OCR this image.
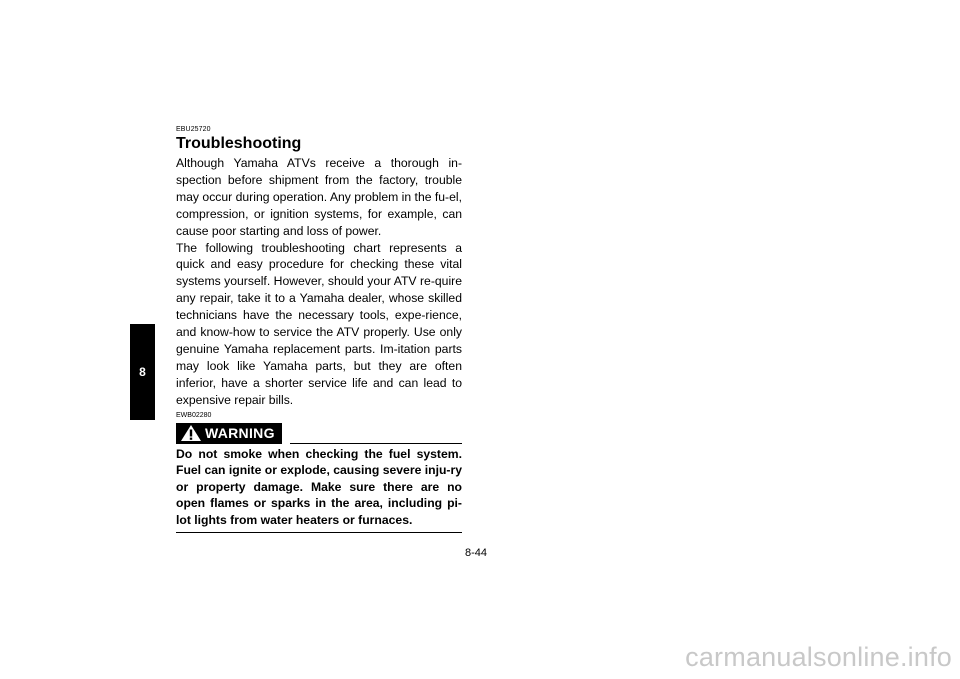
8
EBU25720
Troubleshooting

Although Yamaha ATVs receive a thorough in-spection before shipment from the factory, trouble may occur during operation. Any problem in the fu-el, compression, or ignition systems, for example, can cause poor starting and loss of power.

The following troubleshooting chart represents a quick and easy procedure for checking these vital systems yourself. However, should your ATV re-quire any repair, take it to a Yamaha dealer, whose skilled technicians have the necessary tools, expe-rience, and know-how to service the ATV properly. Use only genuine Yamaha replacement parts. Im-itation parts may look like Yamaha parts, but they are often inferior, have a shorter service life and can lead to expensive repair bills.

EWB02280
WARNING
Do not smoke when checking the fuel system. Fuel can ignite or explode, causing severe inju-ry or property damage. Make sure there are no open flames or sparks in the area, including pi-lot lights from water heaters or furnaces.
8-44
carmanualsonline.info
